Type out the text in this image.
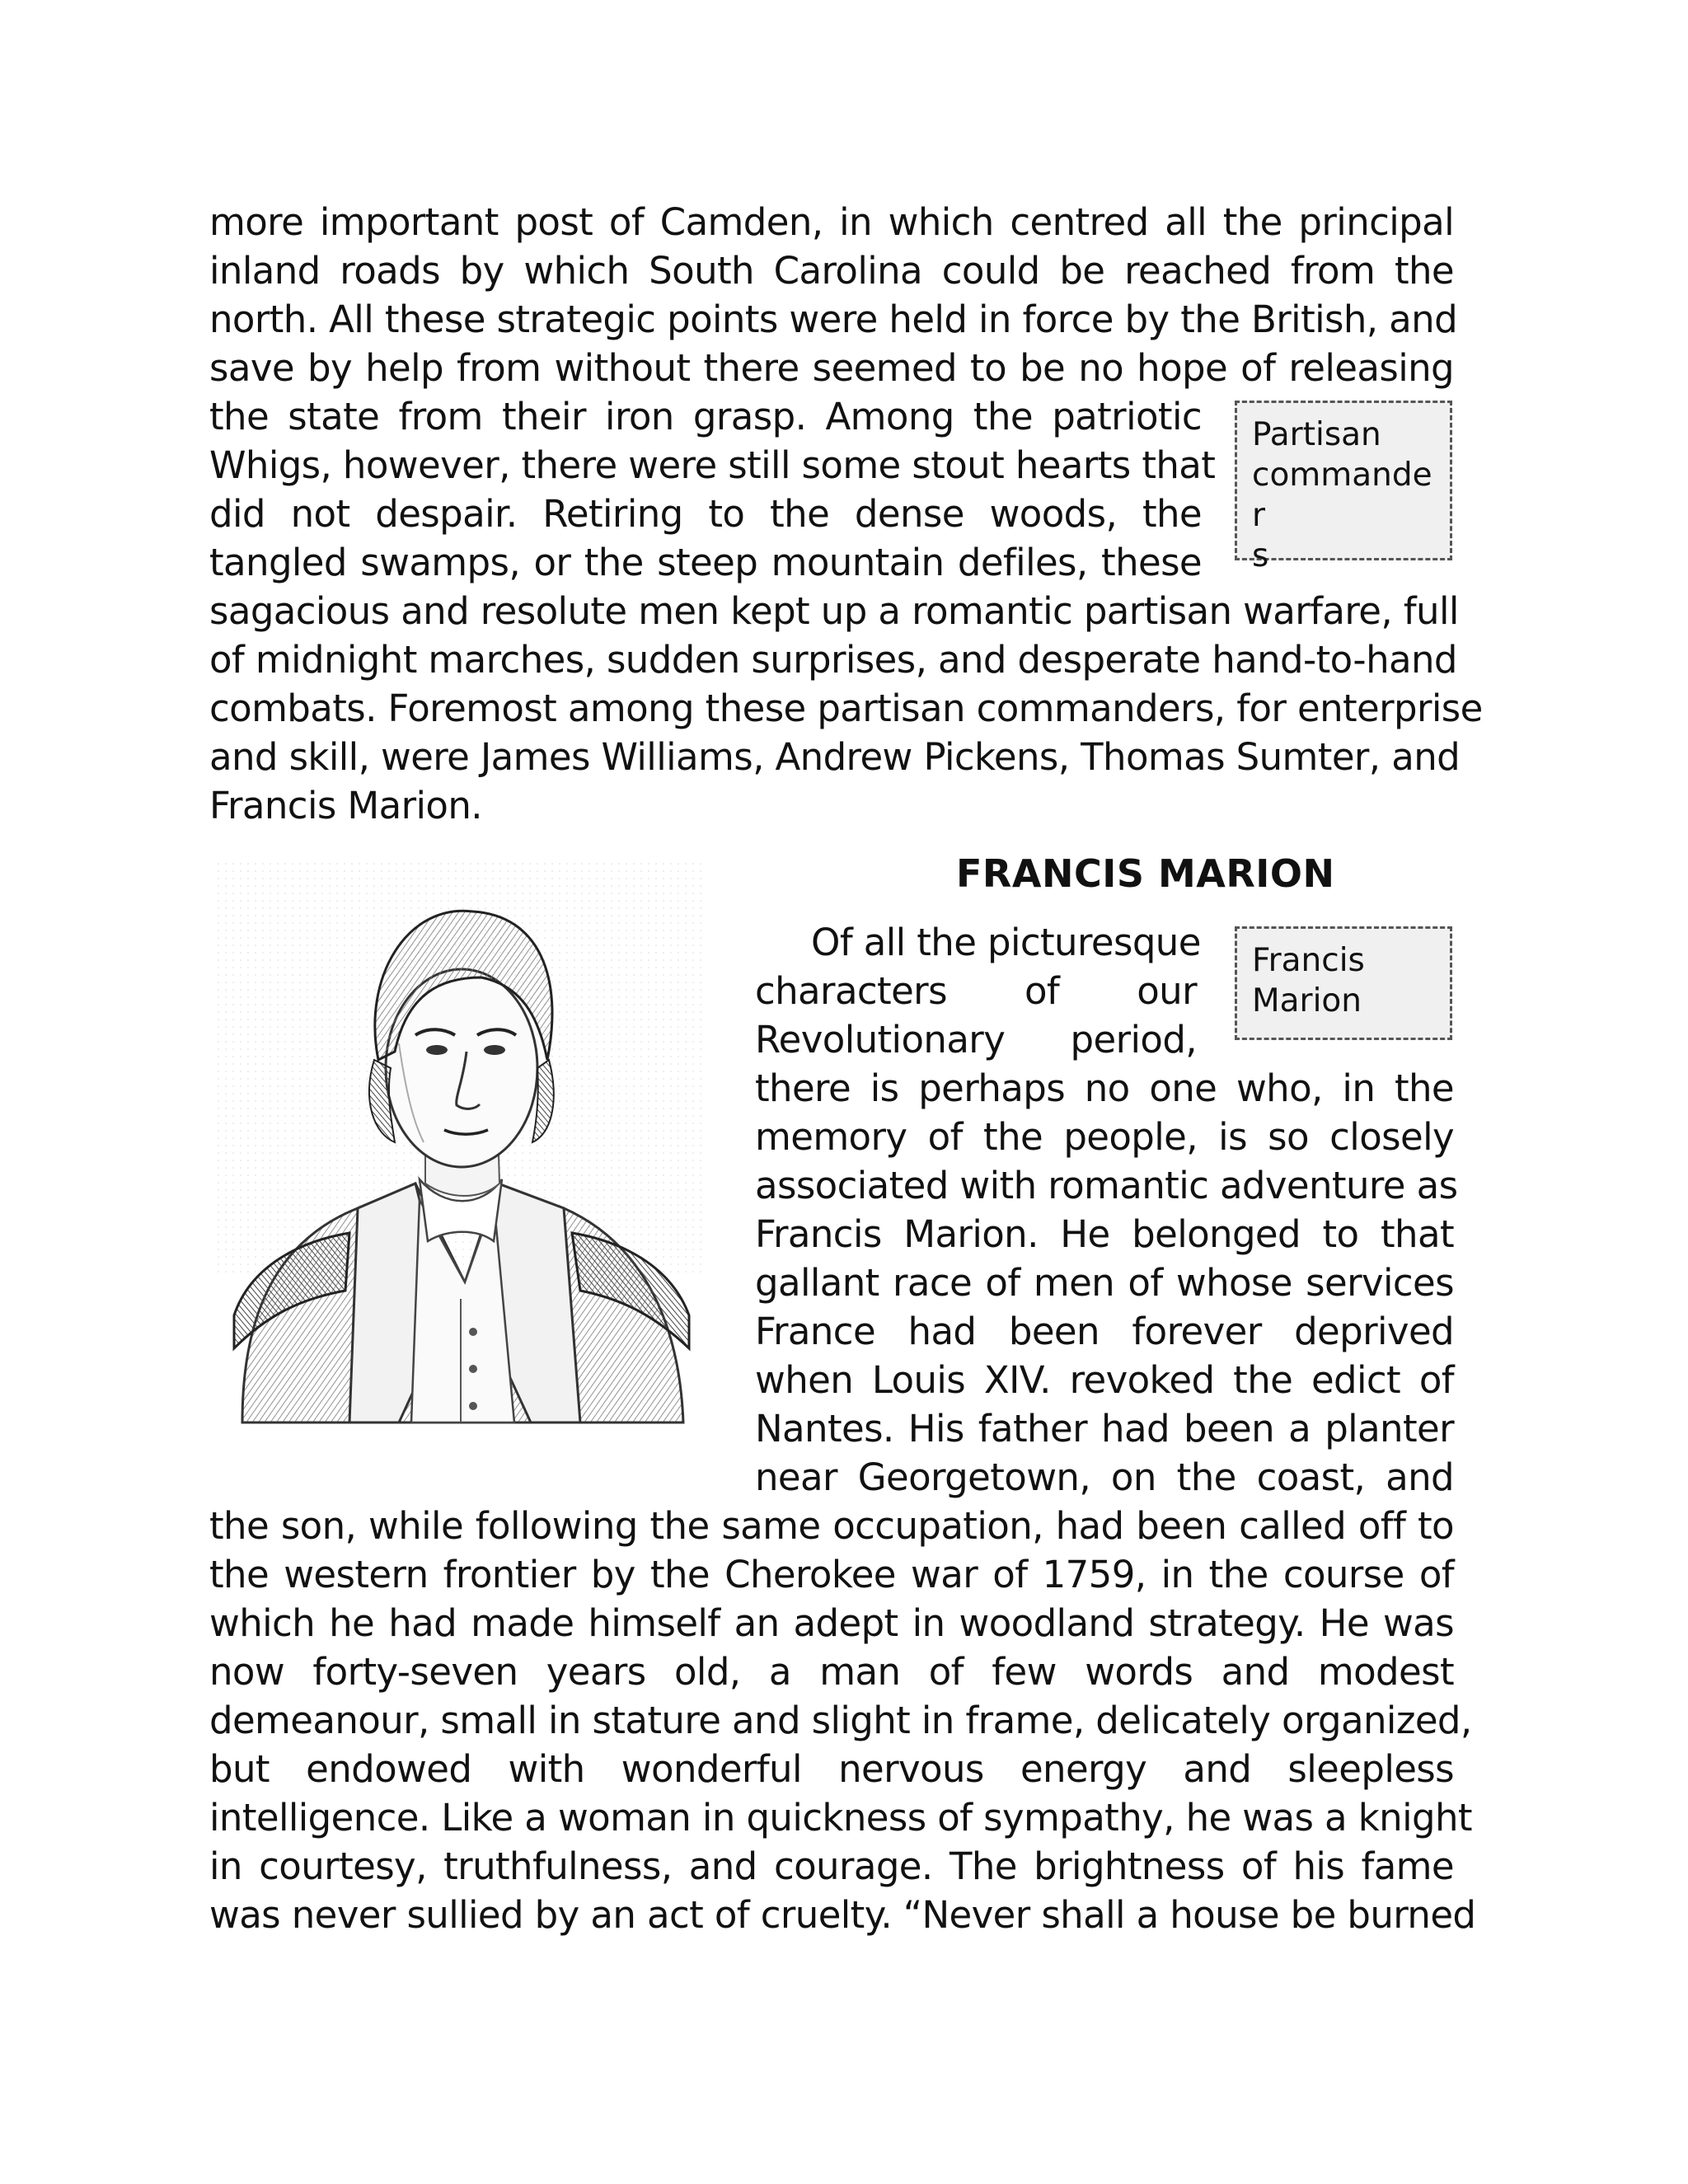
more important post of Camden, in which centred all the principal
inland roads by which South Carolina could be reached from the
north. All these strategic points were held in force by the British, and
save by help from without there seemed to be no hope of releasing
the state from their iron grasp. Among the patriotic
Whigs, however, there were still some stout hearts that
did not despair. Retiring to the dense woods, the
tangled swamps, or the steep mountain defiles, these
sagacious and resolute men kept up a romantic partisan warfare, full
of midnight marches, sudden surprises, and desperate hand-to-hand
combats. Foremost among these partisan commanders, for enterprise
and skill, were James Williams, Andrew Pickens, Thomas Sumter, and
Francis Marion.
Partisan
commander
s
FRANCIS MARION
Francis
Marion
Of all the picturesque
characters of our
Revolutionary period,
there is perhaps no one who, in the
memory of the people, is so closely
associated with romantic adventure as
Francis Marion. He belonged to that
gallant race of men of whose services
France had been forever deprived
when Louis XIV. revoked the edict of
Nantes. His father had been a planter
near Georgetown, on the coast, and
the son, while following the same occupation, had been called off to
the western frontier by the Cherokee war of 1759, in the course of
which he had made himself an adept in woodland strategy. He was
now forty-seven years old, a man of few words and modest
demeanour, small in stature and slight in frame, delicately organized,
but endowed with wonderful nervous energy and sleepless
intelligence. Like a woman in quickness of sympathy, he was a knight
in courtesy, truthfulness, and courage. The brightness of his fame
was never sullied by an act of cruelty. “Never shall a house be burned
